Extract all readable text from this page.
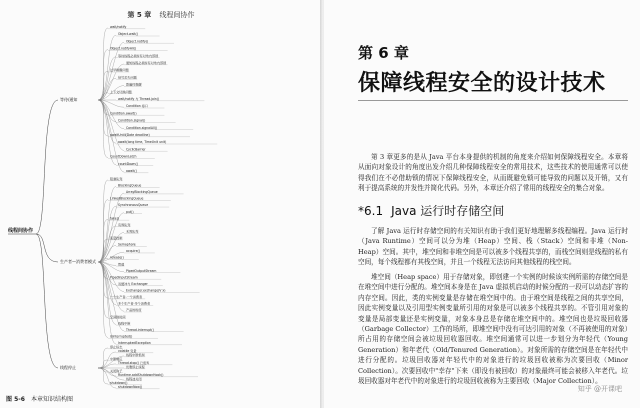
第 5 章 线程间协作
线程间协作
等待/通知
wait/notify
Object.wait()
Object.notify()
Object.notifyAll()
等待线程必须持有对象内部锁
通知线程必须持有对象内部锁
过早唤醒问题
信号丢失问题
欺骗性唤醒
上下文切换问题
wait/notify 与 Thread.join()
Condition 接口
Condition.await()
Condition.signal()
Condition.signalAll()
awaitUntil(Date deadline)
await(long time, TimeUnit unit)
CyclicBarrier
CountDownLatch
countDown()
await()
生产者—消费者模式
阻塞队列
BlockingQueue
ArrayBlockingQueue
LinkedBlockingQueue
SynchronousQueue
put()
take()
有界队列
无界队列
流量控制
Semaphore
acquire()
release()
管道
PipedOutputStream
PipedInputStream
双缓冲与 Exchanger
Exchanger.exchange(V x)
一个生产者-一个消费者
多个生产者-多个消费者
产品的粒度
空间换时间
线程中断
Thread.interrupt()
isInterrupted()
InterruptedException
线程停止
停止标志
volatile 变量
线程中断机制
中断响应
Thread.stop() 已废弃
优雅停止线程
关闭钩子
Runtime.addShutdownHook()
线程池关闭
shutdown()
shutdownNow()
图 5-6 本章知识结构图
第 6 章
保障线程安全的设计技术

第 3 章更多的是从 Java 平台本身提供的机制的角度来介绍如何保障线程安全。本章将从面向对象设计的角度出发介绍几种保障线程安全的常用技术，这些技术的使用通常可以使得我们在不必借助锁的情况下保障线程安全，从而既避免锁可能导致的问题以及开销，又有利于提高系统的并发性并简化代码。另外，本章还介绍了常用的线程安全的集合对象。

*6.1 Java 运行时存储空间

了解 Java 运行时存储空间的有关知识有助于我们更好地理解多线程编程。Java 运行时（Java Runtime）空间可以分为堆（Heap）空间、栈（Stack）空间和非堆（Non-Heap）空间。其中，堆空间和非堆空间是可以被多个线程共享的，而栈空间则是线程的私有空间，每个线程都有其栈空间，并且一个线程无法访问其他线程的栈空间。

堆空间（Heap space）用于存储对象，即创建一个实例的时候该实例所需的存储空间是在堆空间中进行分配的。堆空间本身是在 Java 虚拟机启动的时候分配的一段可以动态扩容的内存空间。因此，类的实例变量是存储在堆空间中的。由于堆空间是线程之间的共享空间，因此实例变量以及引用型实例变量所引用的对象是可以被多个线程共享的。不管引用对象的变量是局部变量还是实例变量，对象本身总是存储在堆空间中的。堆空间也是垃圾回收器（Garbage Collector）工作的场所，即堆空间中没有可达引用的对象（不再被使用的对象）所占用的存储空间会被垃圾回收器回收。堆空间通常可以进一步划分为年轻代（Young Generation）和年老代（Old/Tenured Generation）。对象所需的存储空间是在年轻代中进行分配的。垃圾回收器对年轻代中的对象进行的垃圾回收被称为次要回收（Minor Collection）。次要回收中"幸存"下来（即没有被回收）的对象最终可能会被移入年老代。垃圾回收器对年老代中的对象进行的垃圾回收被称为主要回收（Major Collection）。

知乎 @开课吧
